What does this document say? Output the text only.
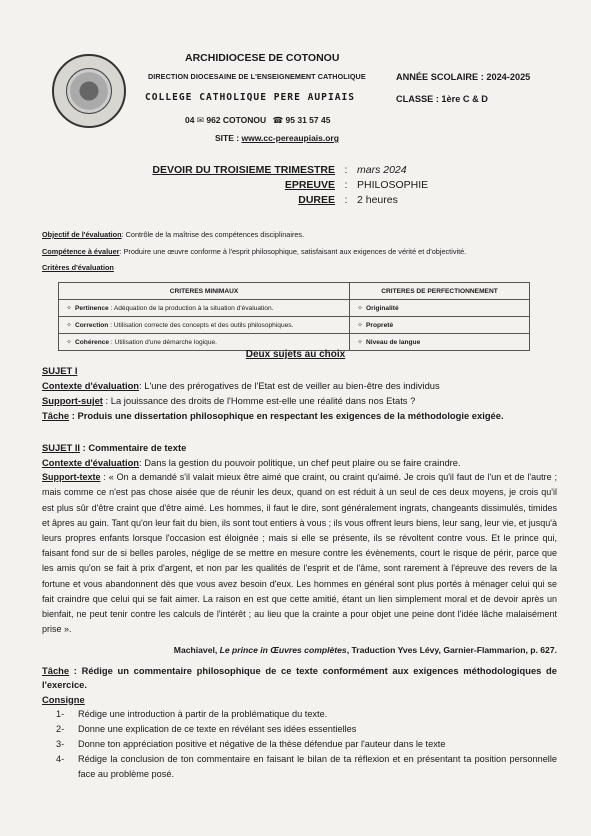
ARCHIDIOCESE DE COTONOU
DIRECTION DIOCESAINE DE L'ENSEIGNEMENT CATHOLIQUE
COLLEGE CATHOLIQUE PERE AUPIAIS
ANNÉE SCOLAIRE : 2024-2025
CLASSE : 1ère C & D
04 ✉ 962 COTONOU ☎ 95 31 57 45
SITE : www.cc-pereaupiais.org
DEVOIR DU TROISIEME TRIMESTRE : mars 2024
EPREUVE : PHILOSOPHIE
DUREE : 2 heures
Objectif de l'évaluation: Contrôle de la maîtrise des compétences disciplinaires.
Compétence à évaluer: Produire une œuvre conforme à l'esprit philosophique, satisfaisant aux exigences de vérité et d'objectivité.
Critères d'évaluation
CRITERES MINIMAUX	CRITERES DE PERFECTIONNEMENT
✧ Pertinence : Adéquation de la production à la situation d'évaluation.	✧ Originalité
✧ Correction : Utilisation correcte des concepts et des outils philosophiques.	✧ Propreté
✧ Cohérence : Utilisation d'une démarche logique.	✧ Niveau de langue
Deux sujets au choix
SUJET I
Contexte d'évaluation: L'une des prérogatives de l'Etat est de veiller au bien-être des individus
Support-sujet : La jouissance des droits de l'Homme est-elle une réalité dans nos Etats ?
Tâche : Produis une dissertation philosophique en respectant les exigences de la méthodologie exigée.
SUJET II : Commentaire de texte
Contexte d'évaluation: Dans la gestion du pouvoir politique, un chef peut plaire ou se faire craindre.
Support-texte : « On a demandé s'il valait mieux être aimé que craint, ou craint qu'aimé. Je crois qu'il faut de l'un et de l'autre ; mais comme ce n'est pas chose aisée que de réunir les deux, quand on est réduit à un seul de ces deux moyens, je crois qu'il est plus sûr d'être craint que d'être aimé. Les hommes, il faut le dire, sont généralement ingrats, changeants dissimulés, timides et âpres au gain. Tant qu'on leur fait du bien, ils sont tout entiers à vous ; ils vous offrent leurs biens, leur sang, leur vie, et jusqu'à leurs propres enfants lorsque l'occasion est éloignée ; mais si elle se présente, ils se révoltent contre vous. Et le prince qui, faisant fond sur de si belles paroles, néglige de se mettre en mesure contre les évènements, court le risque de périr, parce que les amis qu'on se fait à prix d'argent, et non par les qualités de l'esprit et de l'âme, sont rarement à l'épreuve des revers de la fortune et vous abandonnent dès que vous avez besoin d'eux. Les hommes en général sont plus portés à ménager celui qui se fait craindre que celui qui se fait aimer. La raison en est que cette amitié, étant un lien simplement moral et de devoir après un bienfait, ne peut tenir contre les calculs de l'intérêt ; au lieu que la crainte a pour objet une peine dont l'idée lâche malaisément prise ».
Machiavel, Le prince in Œuvres complètes, Traduction Yves Lévy, Garnier-Flammarion, p. 627.
Tâche : Rédige un commentaire philosophique de ce texte conformément aux exigences méthodologiques de l'exercice.
Consigne
1-	Rédige une introduction à partir de la problématique du texte.
2-	Donne une explication de ce texte en révélant ses idées essentielles
3-	Donne ton appréciation positive et négative de la thèse défendue par l'auteur dans le texte
4-	Rédige la conclusion de ton commentaire en faisant le bilan de ta réflexion et en présentant ta position personnelle face au problème posé.
